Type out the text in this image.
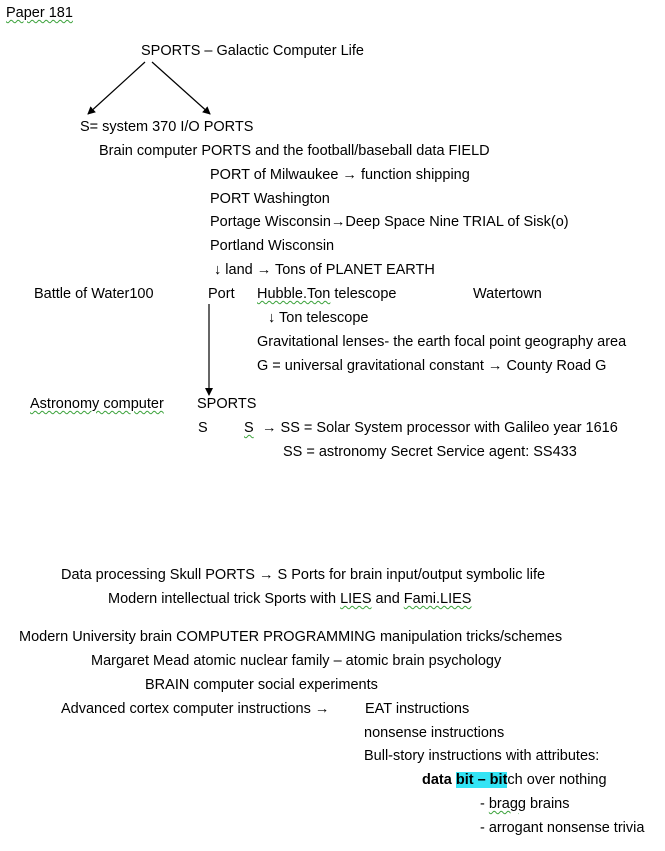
Paper 181
SPORTS – Galactic Computer Life
S= system 370 I/O PORTS
Brain computer PORTS and the football/baseball data FIELD
PORT of Milwaukee → function shipping
PORT Washington
Portage Wisconsin→Deep Space Nine TRIAL of Sisk(o)
Portland Wisconsin
↓ land → Tons of PLANET EARTH
Battle of Water100	Port Hubble.Ton telescope	Watertown
↓ Ton telescope
Gravitational lenses- the earth focal point geography area
G = universal gravitational constant → County Road G
Astronomy computer SPORTS
S	S → SS = Solar System processor with Galileo year 1616
SS = astronomy Secret Service agent: SS433
Data processing Skull PORTS → S Ports for brain input/output symbolic life
Modern intellectual trick Sports with LIES and Fami.LIES
Modern University brain COMPUTER PROGRAMMING manipulation tricks/schemes
Margaret Mead atomic nuclear family – atomic brain psychology
BRAIN computer social experiments
Advanced cortex computer instructions → EAT instructions
nonsense instructions
Bull-story instructions with attributes:
data bit – bitch over nothing
- bragg brains
- arrogant nonsense trivia
